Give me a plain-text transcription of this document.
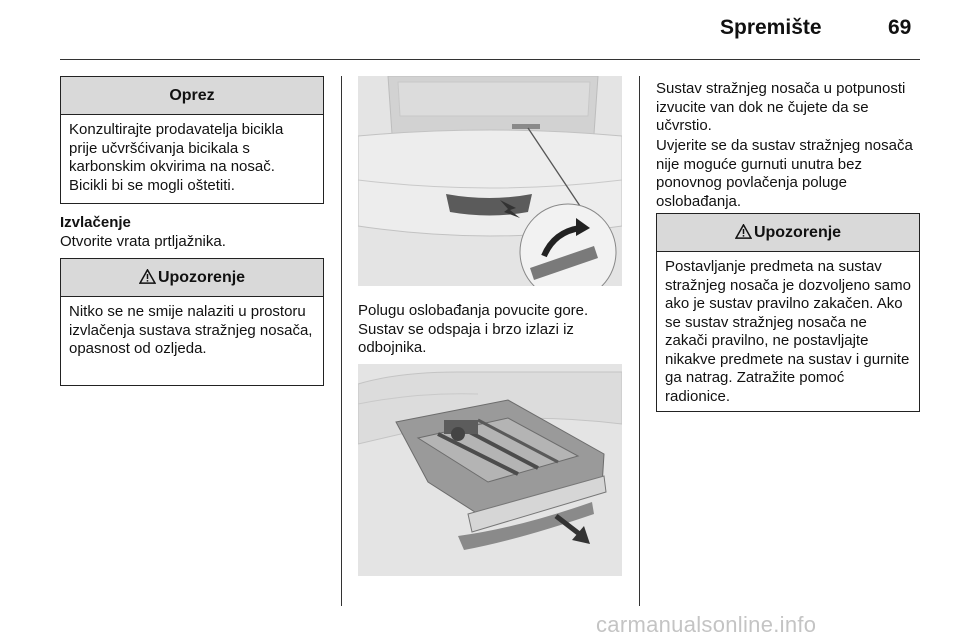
Spremište	69
Oprez
Konzultirajte prodavatelja bicikla prije učvršćivanja bicikala s karbonskim okvirima na nosač. Bicikli bi se mogli oštetiti.
Izvlačenje
Otvorite vrata prtljažnika.
Upozorenje
Nitko se ne smije nalaziti u prostoru izvlačenja sustava stražnjeg nosača, opasnost od ozljeda.
Polugu oslobađanja povucite gore. Sustav se odspaja i brzo izlazi iz odbojnika.
Sustav stražnjeg nosača u potpunosti izvucite van dok ne čujete da se učvrstio.
Uvjerite se da sustav stražnjeg nosača nije moguće gurnuti unutra bez ponovnog povlačenja poluge oslobađanja.
Upozorenje
Postavljanje predmeta na sustav stražnjeg nosača je dozvoljeno samo ako je sustav pravilno zakačen. Ako se sustav stražnjeg nosača ne zakači pravilno, ne postavljajte nikakve predmete na sustav i gurnite ga natrag. Zatražite pomoć radionice.
carmanualsonline.info
